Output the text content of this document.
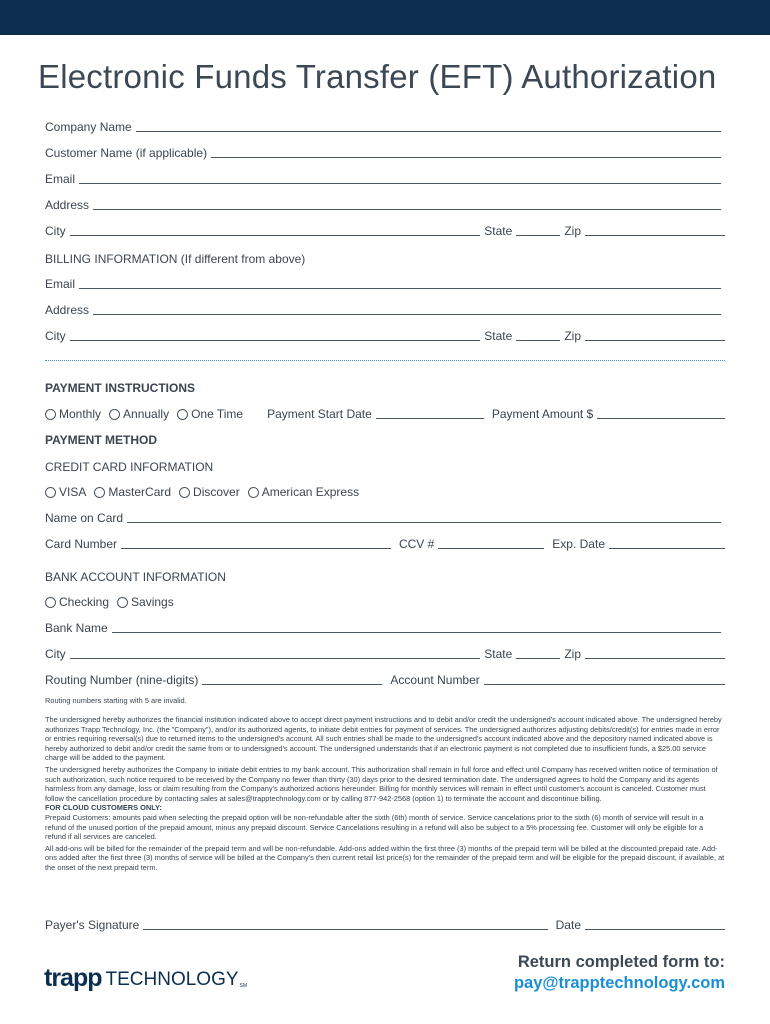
Electronic Funds Transfer (EFT) Authorization
Company Name
Customer Name (if applicable)
Email
Address
City	State	Zip
BILLING INFORMATION (If different from above)
Email
Address
City	State	Zip
PAYMENT INSTRUCTIONS
Monthly Annually One Time Payment Start Date	Payment Amount $
PAYMENT METHOD
CREDIT CARD INFORMATION
VISA MasterCard Discover American Express
Name on Card
Card Number	CCV #	Exp. Date
BANK ACCOUNT INFORMATION
Checking Savings
Bank Name
City	State	Zip
Routing Number (nine-digits)	Account Number
Routing numbers starting with 5 are invalid.

The undersigned hereby authorizes the financial institution indicated above to accept direct payment instructions and to debit and/or credit the undersigned's account indicated above. The undersigned hereby authorizes Trapp Technology, Inc. (the "Company"), and/or its authorized agents, to initiate debit entries for payment of services. The undersigned authorizes adjusting debits/credit(s) for entries made in error or entries requiring reversal(s) due to returned items to the undersigned's account. All such entries shall be made to the undersigned's account indicated above and the depository named indicated above is hereby authorized to debit and/or credit the same from or to undersigned's account. The undersigned understands that if an electronic payment is not completed due to insufficient funds, a $25.00 service charge will be added to the payment.

The undersigned hereby authorizes the Company to initiate debit entries to my bank account. This authorization shall remain in full force and effect until Company has received written notice of termination of such authorization, such notice required to be received by the Company no fewer than thirty (30) days prior to the desired termination date. The undersigned agrees to hold the Company and its agents harmless from any damage, loss or claim resulting from the Company's authorized actions hereunder. Billing for monthly services will remain in effect until customer's account is canceled. Customer must follow the cancellation procedure by contacting sales at sales@trapptechnology.com or by calling 877-942-2568 (option 1) to terminate the account and discontinue billing.

FOR CLOUD CUSTOMERS ONLY:

Prepaid Customers: amounts paid when selecting the prepaid option will be non-refundable after the sixth (6th) month of service. Service cancelations prior to the sixth (6) month of service will result in a refund of the unused portion of the prepaid amount, minus any prepaid discount. Service Cancelations resulting in a refund will also be subject to a 5% processing fee. Customer will only be eligible for a refund if all services are canceled.

All add-ons will be billed for the remainder of the prepaid term and will be non-refundable. Add-ons added within the first three (3) months of the prepaid term will be billed at the discounted prepaid rate. Add-ons added after the first three (3) months of service will be billed at the Company's then current retail list price(s) for the remainder of the prepaid term and will be eligible for the prepaid discount, if available, at the onset of the next prepaid term.

Payer's Signature	Date
trapp TECHNOLOGY SM
Return completed form to:
pay@trapptechnology.com
